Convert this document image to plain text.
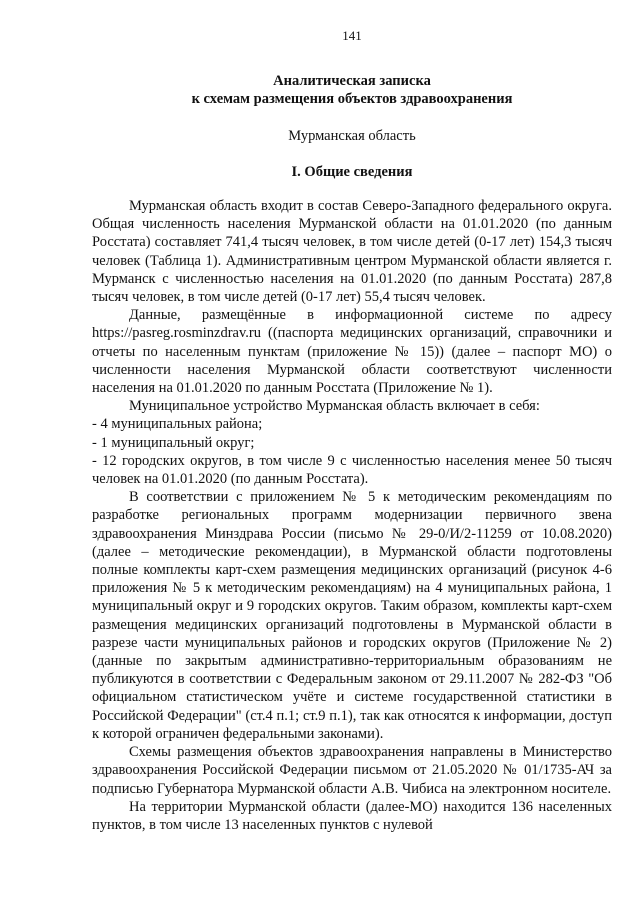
141

Аналитическая записка

к схемам размещения объектов здравоохранения

Мурманская область

I. Общие сведения

Мурманская область входит в состав Северо-Западного федерального округа. Общая численность населения Мурманской области на 01.01.2020 (по данным Росстата) составляет 741,4 тысяч человек, в том числе детей (0-17 лет) 154,3 тысяч человек (Таблица 1). Административным центром Мурманской области является г. Мурманск с численностью населения на 01.01.2020 (по данным Росстата) 287,8 тысяч человек, в том числе детей (0-17 лет) 55,4 тысяч человек.

Данные, размещённые в информационной системе по адресу https://pasreg.rosminzdrav.ru ((паспорта медицинских организаций, справочники и отчеты по населенным пунктам (приложение № 15)) (далее – паспорт МО) о численности населения Мурманской области соответствуют численности населения на 01.01.2020 по данным Росстата (Приложение № 1).

Муниципальное устройство Мурманская область включает в себя:

- 4 муниципальных района;

- 1 муниципальный округ;

- 12 городских округов, в том числе 9 с численностью населения менее 50 тысяч человек на 01.01.2020 (по данным Росстата).

В соответствии с приложением № 5 к методическим рекомендациям по разработке региональных программ модернизации первичного звена здравоохранения Минздрава России (письмо № 29-0/И/2-11259 от 10.08.2020) (далее – методические рекомендации), в Мурманской области подготовлены полные комплекты карт-схем размещения медицинских организаций (рисунок 4-6 приложения № 5 к методическим рекомендациям) на 4 муниципальных района, 1 муниципальный округ и 9 городских округов. Таким образом, комплекты карт-схем размещения медицинских организаций подготовлены в Мурманской области в разрезе части муниципальных районов и городских округов (Приложение № 2) (данные по закрытым административно-территориальным образованиям не публикуются в соответствии с Федеральным законом от 29.11.2007 № 282-ФЗ "Об официальном статистическом учёте и системе государственной статистики в Российской Федерации" (ст.4 п.1; ст.9 п.1), так как относятся к информации, доступ к которой ограничен федеральными законами).

Схемы размещения объектов здравоохранения направлены в Министерство здравоохранения Российской Федерации письмом от 21.05.2020 № 01/1735-АЧ за подписью Губернатора Мурманской области А.В. Чибиса на электронном носителе.

На территории Мурманской области (далее-МО) находится 136 населенных пунктов, в том числе 13 населенных пунктов с нулевой
